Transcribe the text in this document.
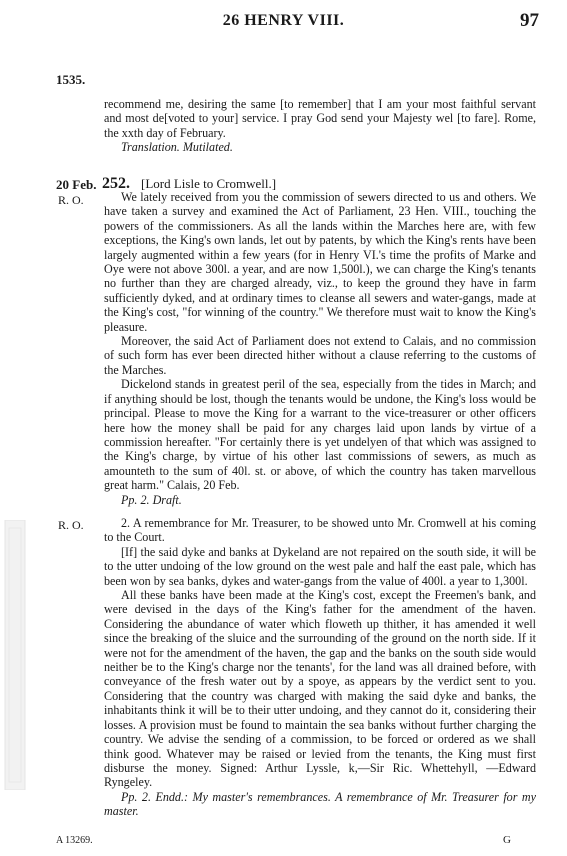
26 HENRY VIII.	97
1535.

recommend me, desiring the same [to remember] that I am your most faithful servant and most de[voted to your] service. I pray God send your Majesty wel [to fare]. Rome, the xxth day of February.

Translation. Mutilated.

20 Feb. 252. [Lord Lisle to Cromwell.]
R. O.	We lately received from you the commission of sewers directed to us and others. We have taken a survey and examined the Act of Parliament, 23 Hen. VIII., touching the powers of the commissioners. As all the lands within the Marches here are, with few exceptions, the King's own lands, let out by patents, by which the King's rents have been largely augmented within a few years (for in Henry VI.'s time the profits of Marke and Oye were not above 300l. a year, and are now 1,500l.), we can charge the King's tenants no further than they are charged already, viz., to keep the ground they have in farm sufficiently dyked, and at ordinary times to cleanse all sewers and water-gangs, made at the King's cost, "for winning of the country." We therefore must wait to know the King's pleasure.

Moreover, the said Act of Parliament does not extend to Calais, and no commission of such form has ever been directed hither without a clause referring to the customs of the Marches.

Dickelond stands in greatest peril of the sea, especially from the tides in March; and if anything should be lost, though the tenants would be undone, the King's loss would be principal. Please to move the King for a warrant to the vice-treasurer or other officers here how the money shall be paid for any charges laid upon lands by virtue of a commission hereafter. "For certainly there is yet undelyen of that which was assigned to the King's charge, by virtue of his other last commissions of sewers, as much as amounteth to the sum of 40l. st. or above, of which the country has taken marvellous great harm." Calais, 20 Feb.

Pp. 2. Draft.

R. O.	2. A remembrance for Mr. Treasurer, to be showed unto Mr. Cromwell at his coming to the Court.

[If] the said dyke and banks at Dykeland are not repaired on the south side, it will be to the utter undoing of the low ground on the west pale and half the east pale, which has been won by sea banks, dykes and water-gangs from the value of 400l. a year to 1,300l.

All these banks have been made at the King's cost, except the Freemen's bank, and were devised in the days of the King's father for the amendment of the haven. Considering the abundance of water which floweth up thither, it has amended it well since the breaking of the sluice and the surrounding of the ground on the north side. If it were not for the amendment of the haven, the gap and the banks on the south side would neither be to the King's charge nor the tenants', for the land was all drained before, with conveyance of the fresh water out by a spoye, as appears by the verdict sent to you. Considering that the country was charged with making the said dyke and banks, the inhabitants think it will be to their utter undoing, and they cannot do it, considering their losses. A provision must be found to maintain the sea banks without further charging the country. We advise the sending of a commission, to be forced or ordered as we shall think good. Whatever may be raised or levied from the tenants, the King must first disburse the money. Signed: Arthur Lyssle, k,—Sir Ric. Whettehyll, —Edward Ryngeley.

Pp. 2. Endd.: My master's remembrances. A remembrance of Mr. Treasurer for my master.

A 13269.	G
